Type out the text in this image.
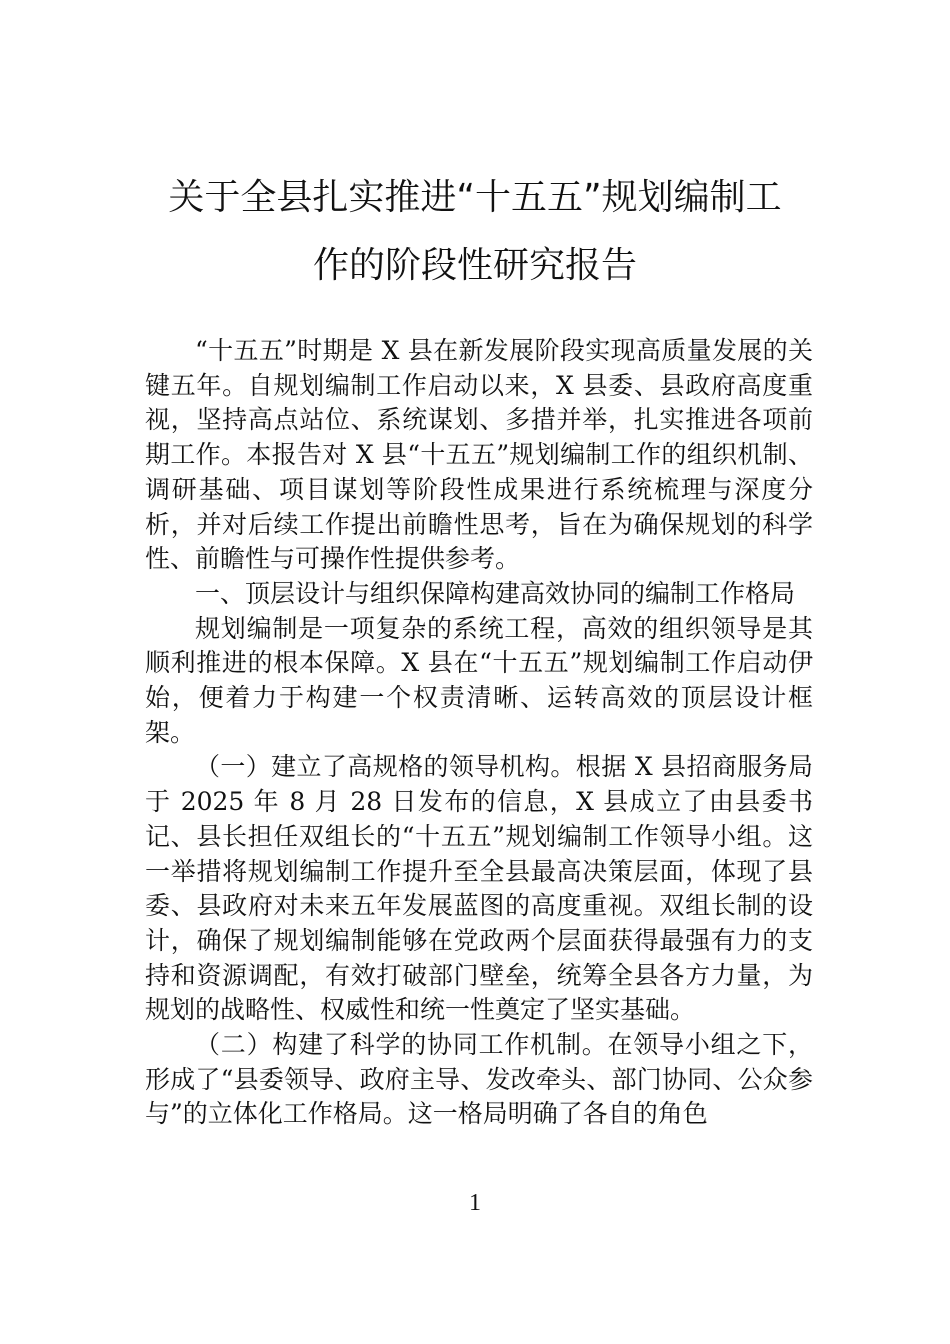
关于全县扎实推进“十五五”规划编制工
作的阶段性研究报告

“十五五”时期是 X 县在新发展阶段实现高质量发展的关键五年。自规划编制工作启动以来，X 县委、县政府高度重视，坚持高点站位、系统谋划、多措并举，扎实推进各项前期工作。本报告对 X 县“十五五”规划编制工作的组织机制、调研基础、项目谋划等阶段性成果进行系统梳理与深度分析，并对后续工作提出前瞻性思考，旨在为确保规划的科学性、前瞻性与可操作性提供参考。

一、顶层设计与组织保障构建高效协同的编制工作格局

规划编制是一项复杂的系统工程，高效的组织领导是其顺利推进的根本保障。X 县在“十五五”规划编制工作启动伊始，便着力于构建一个权责清晰、运转高效的顶层设计框架。

（一）建立了高规格的领导机构。根据 X 县招商服务局于 2025 年 8 月 28 日发布的信息，X 县成立了由县委书记、县长担任双组长的“十五五”规划编制工作领导小组。这一举措将规划编制工作提升至全县最高决策层面，体现了县委、县政府对未来五年发展蓝图的高度重视。双组长制的设计，确保了规划编制能够在党政两个层面获得最强有力的支持和资源调配，有效打破部门壁垒，统筹全县各方力量，为规划的战略性、权威性和统一性奠定了坚实基础。

（二）构建了科学的协同工作机制。在领导小组之下，形成了“县委领导、政府主导、发改牵头、部门协同、公众参与”的立体化工作格局。这一格局明确了各自的角色

1
